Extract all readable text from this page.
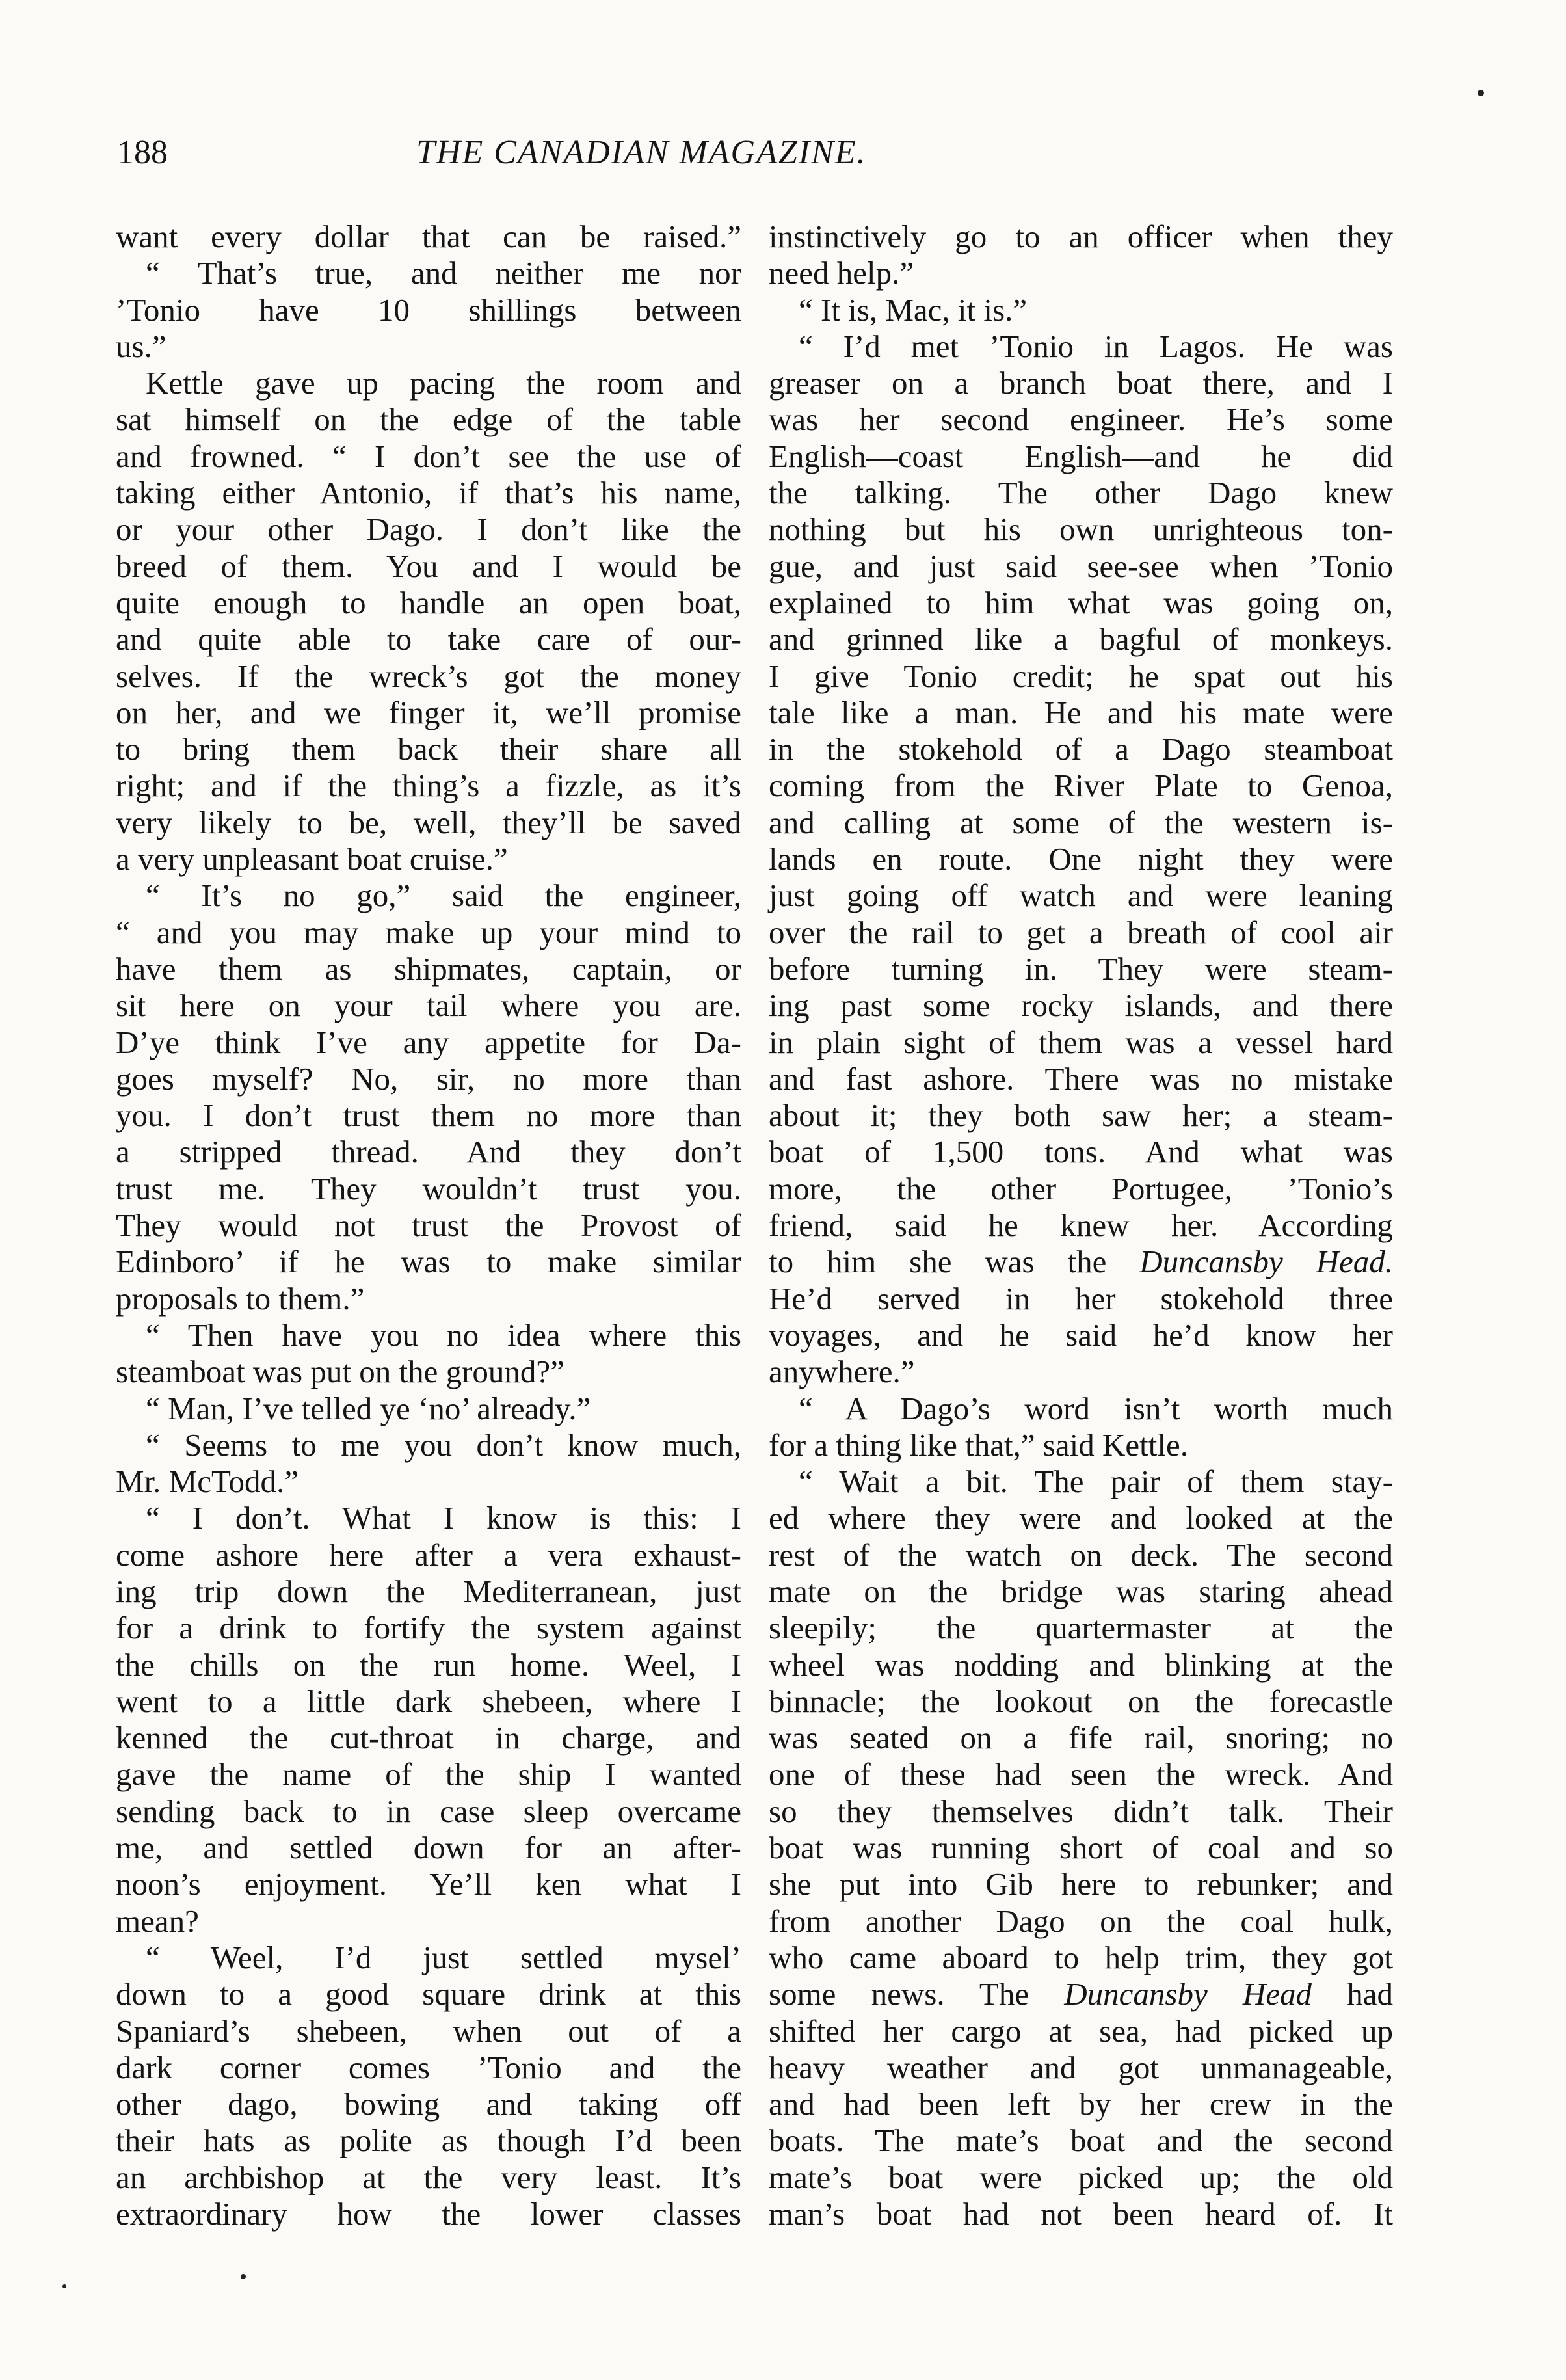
188	THE CANADIAN MAGAZINE.
want every dollar that can be raised.”
“ That’s true, and neither me nor
’Tonio have 10 shillings between
us.”
Kettle gave up pacing the room and
sat himself on the edge of the table
and frowned. “ I don’t see the use of
taking either Antonio, if that’s his name,
or your other Dago. I don’t like the
breed of them. You and I would be
quite enough to handle an open boat,
and quite able to take care of our-
selves. If the wreck’s got the money
on her, and we finger it, we’ll promise
to bring them back their share all
right; and if the thing’s a fizzle, as it’s
very likely to be, well, they’ll be saved
a very unpleasant boat cruise.”
“ It’s no go,” said the engineer,
“ and you may make up your mind to
have them as shipmates, captain, or
sit here on your tail where you are.
D’ye think I’ve any appetite for Da-
goes myself? No, sir, no more than
you. I don’t trust them no more than
a stripped thread. And they don’t
trust me. They wouldn’t trust you.
They would not trust the Provost of
Edinboro’ if he was to make similar
proposals to them.”
“ Then have you no idea where this
steamboat was put on the ground?”
“ Man, I’ve telled ye ‘no’ already.”
“ Seems to me you don’t know much,
Mr. McTodd.”
“ I don’t. What I know is this: I
come ashore here after a vera exhaust-
ing trip down the Mediterranean, just
for a drink to fortify the system against
the chills on the run home. Weel, I
went to a little dark shebeen, where I
kenned the cut-throat in charge, and
gave the name of the ship I wanted
sending back to in case sleep overcame
me, and settled down for an after-
noon’s enjoyment. Ye’ll ken what I
mean?
“ Weel, I’d just settled mysel’
down to a good square drink at this
Spaniard’s shebeen, when out of a
dark corner comes ’Tonio and the
other dago, bowing and taking off
their hats as polite as though I’d been
an archbishop at the very least. It’s
extraordinary how the lower classes
instinctively go to an officer when they
need help.”
“ It is, Mac, it is.”
“ I’d met ’Tonio in Lagos. He was
greaser on a branch boat there, and I
was her second engineer. He’s some
English—coast English—and he did
the talking. The other Dago knew
nothing but his own unrighteous ton-
gue, and just said see-see when ’Tonio
explained to him what was going on,
and grinned like a bagful of monkeys.
I give Tonio credit; he spat out his
tale like a man. He and his mate were
in the stokehold of a Dago steamboat
coming from the River Plate to Genoa,
and calling at some of the western is-
lands en route. One night they were
just going off watch and were leaning
over the rail to get a breath of cool air
before turning in. They were steam-
ing past some rocky islands, and there
in plain sight of them was a vessel hard
and fast ashore. There was no mistake
about it; they both saw her; a steam-
boat of 1,500 tons. And what was
more, the other Portugee, ’Tonio’s
friend, said he knew her. According
to him she was the Duncansby Head.
He’d served in her stokehold three
voyages, and he said he’d know her
anywhere.”
“ A Dago’s word isn’t worth much
for a thing like that,” said Kettle.
“ Wait a bit. The pair of them stay-
ed where they were and looked at the
rest of the watch on deck. The second
mate on the bridge was staring ahead
sleepily; the quartermaster at the
wheel was nodding and blinking at the
binnacle; the lookout on the forecastle
was seated on a fife rail, snoring; no
one of these had seen the wreck. And
so they themselves didn’t talk. Their
boat was running short of coal and so
she put into Gib here to rebunker; and
from another Dago on the coal hulk,
who came aboard to help trim, they got
some news. The Duncansby Head had
shifted her cargo at sea, had picked up
heavy weather and got unmanageable,
and had been left by her crew in the
boats. The mate’s boat and the second
mate’s boat were picked up; the old
man’s boat had not been heard of. It
